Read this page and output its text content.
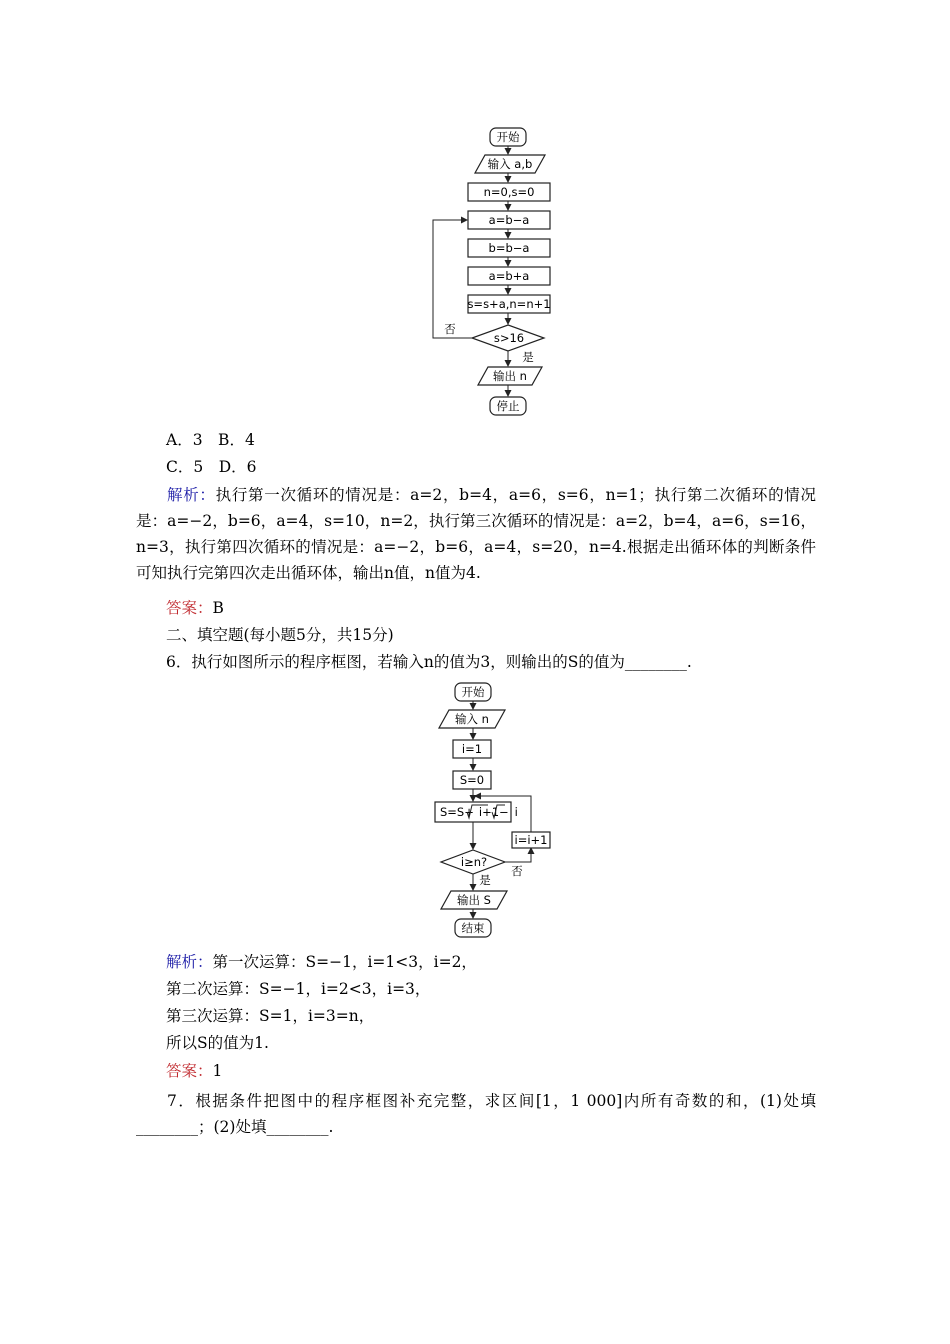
开始
输入 a,b
n=0,s=0
a=b−a
b=b−a
a=b+a
s=s+a,n=n+1
s>16
否
是
输出 n
停止
A．3　B．4
C．5　D．6
解析：执行第一次循环的情况是：a=2，b=4，a=6，s=6，n=1；执行第二次循环的情况是：a=−2，b=6，a=4，s=10，n=2，执行第三次循环的情况是：a=2，b=4，a=6，s=16，n=3，执行第四次循环的情况是：a=−2，b=6，a=4，s=20，n=4.根据走出循环体的判断条件可知执行完第四次走出循环体，输出n值，n值为4.
答案：B
二、填空题(每小题5分，共15分)
6．执行如图所示的程序框图，若输入n的值为3，则输出的S的值为________.
开始
输入 n
i=1
S=0
S=S+ i+1− i
i≥n?
否
i=i+1
是
输出 S
结束
解析：第一次运算：S=−1，i=1<3，i=2，
第二次运算：S=−1，i=2<3，i=3，
第三次运算：S=1，i=3=n，
所以S的值为1.
答案：1
7．根据条件把图中的程序框图补充完整，求区间[1，1 000]内所有奇数的和，(1)处填________；(2)处填________.
